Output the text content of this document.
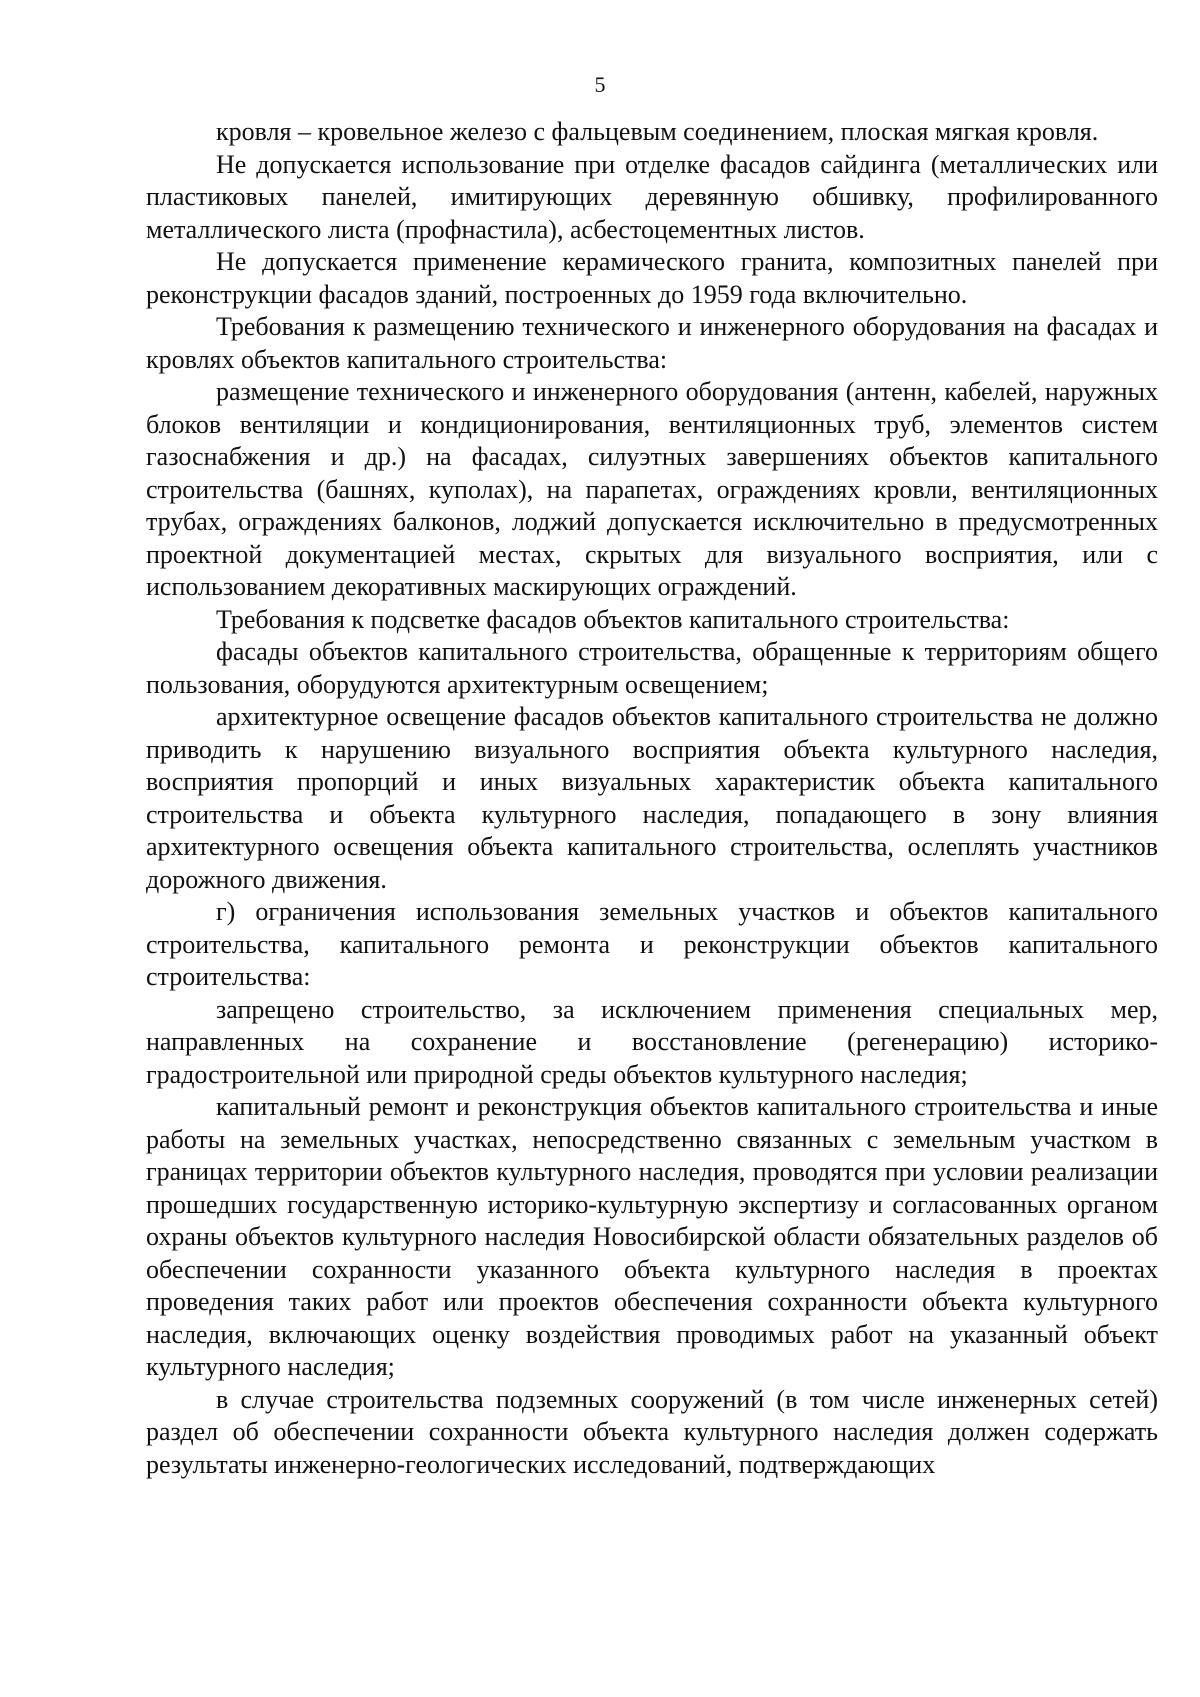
5

кровля – кровельное железо с фальцевым соединением, плоская мягкая кровля.

Не допускается использование при отделке фасадов сайдинга (металлических или пластиковых панелей, имитирующих деревянную обшивку, профилированного металлического листа (профнастила), асбестоцементных листов.

Не допускается применение керамического гранита, композитных панелей при реконструкции фасадов зданий, построенных до 1959 года включительно.

Требования к размещению технического и инженерного оборудования на фасадах и кровлях объектов капитального строительства:

размещение технического и инженерного оборудования (антенн, кабелей, наружных блоков вентиляции и кондиционирования, вентиляционных труб, элементов систем газоснабжения и др.) на фасадах, силуэтных завершениях объектов капитального строительства (башнях, куполах), на парапетах, ограждениях кровли, вентиляционных трубах, ограждениях балконов, лоджий допускается исключительно в предусмотренных проектной документацией местах, скрытых для визуального восприятия, или с использованием декоративных маскирующих ограждений.

Требования к подсветке фасадов объектов капитального строительства:

фасады объектов капитального строительства, обращенные к территориям общего пользования, оборудуются архитектурным освещением;

архитектурное освещение фасадов объектов капитального строительства не должно приводить к нарушению визуального восприятия объекта культурного наследия, восприятия пропорций и иных визуальных характеристик объекта капитального строительства и объекта культурного наследия, попадающего в зону влияния архитектурного освещения объекта капитального строительства, ослеплять участников дорожного движения.

г) ограничения использования земельных участков и объектов капитального строительства, капитального ремонта и реконструкции объектов капитального строительства:

запрещено строительство, за исключением применения специальных мер, направленных на сохранение и восстановление (регенерацию) историко-градостроительной или природной среды объектов культурного наследия;

капитальный ремонт и реконструкция объектов капитального строительства и иные работы на земельных участках, непосредственно связанных с земельным участком в границах территории объектов культурного наследия, проводятся при условии реализации прошедших государственную историко-культурную экспертизу и согласованных органом охраны объектов культурного наследия Новосибирской области обязательных разделов об обеспечении сохранности указанного объекта культурного наследия в проектах проведения таких работ или проектов обеспечения сохранности объекта культурного наследия, включающих оценку воздействия проводимых работ на указанный объект культурного наследия;

в случае строительства подземных сооружений (в том числе инженерных сетей) раздел об обеспечении сохранности объекта культурного наследия должен содержать результаты инженерно-геологических исследований, подтверждающих
